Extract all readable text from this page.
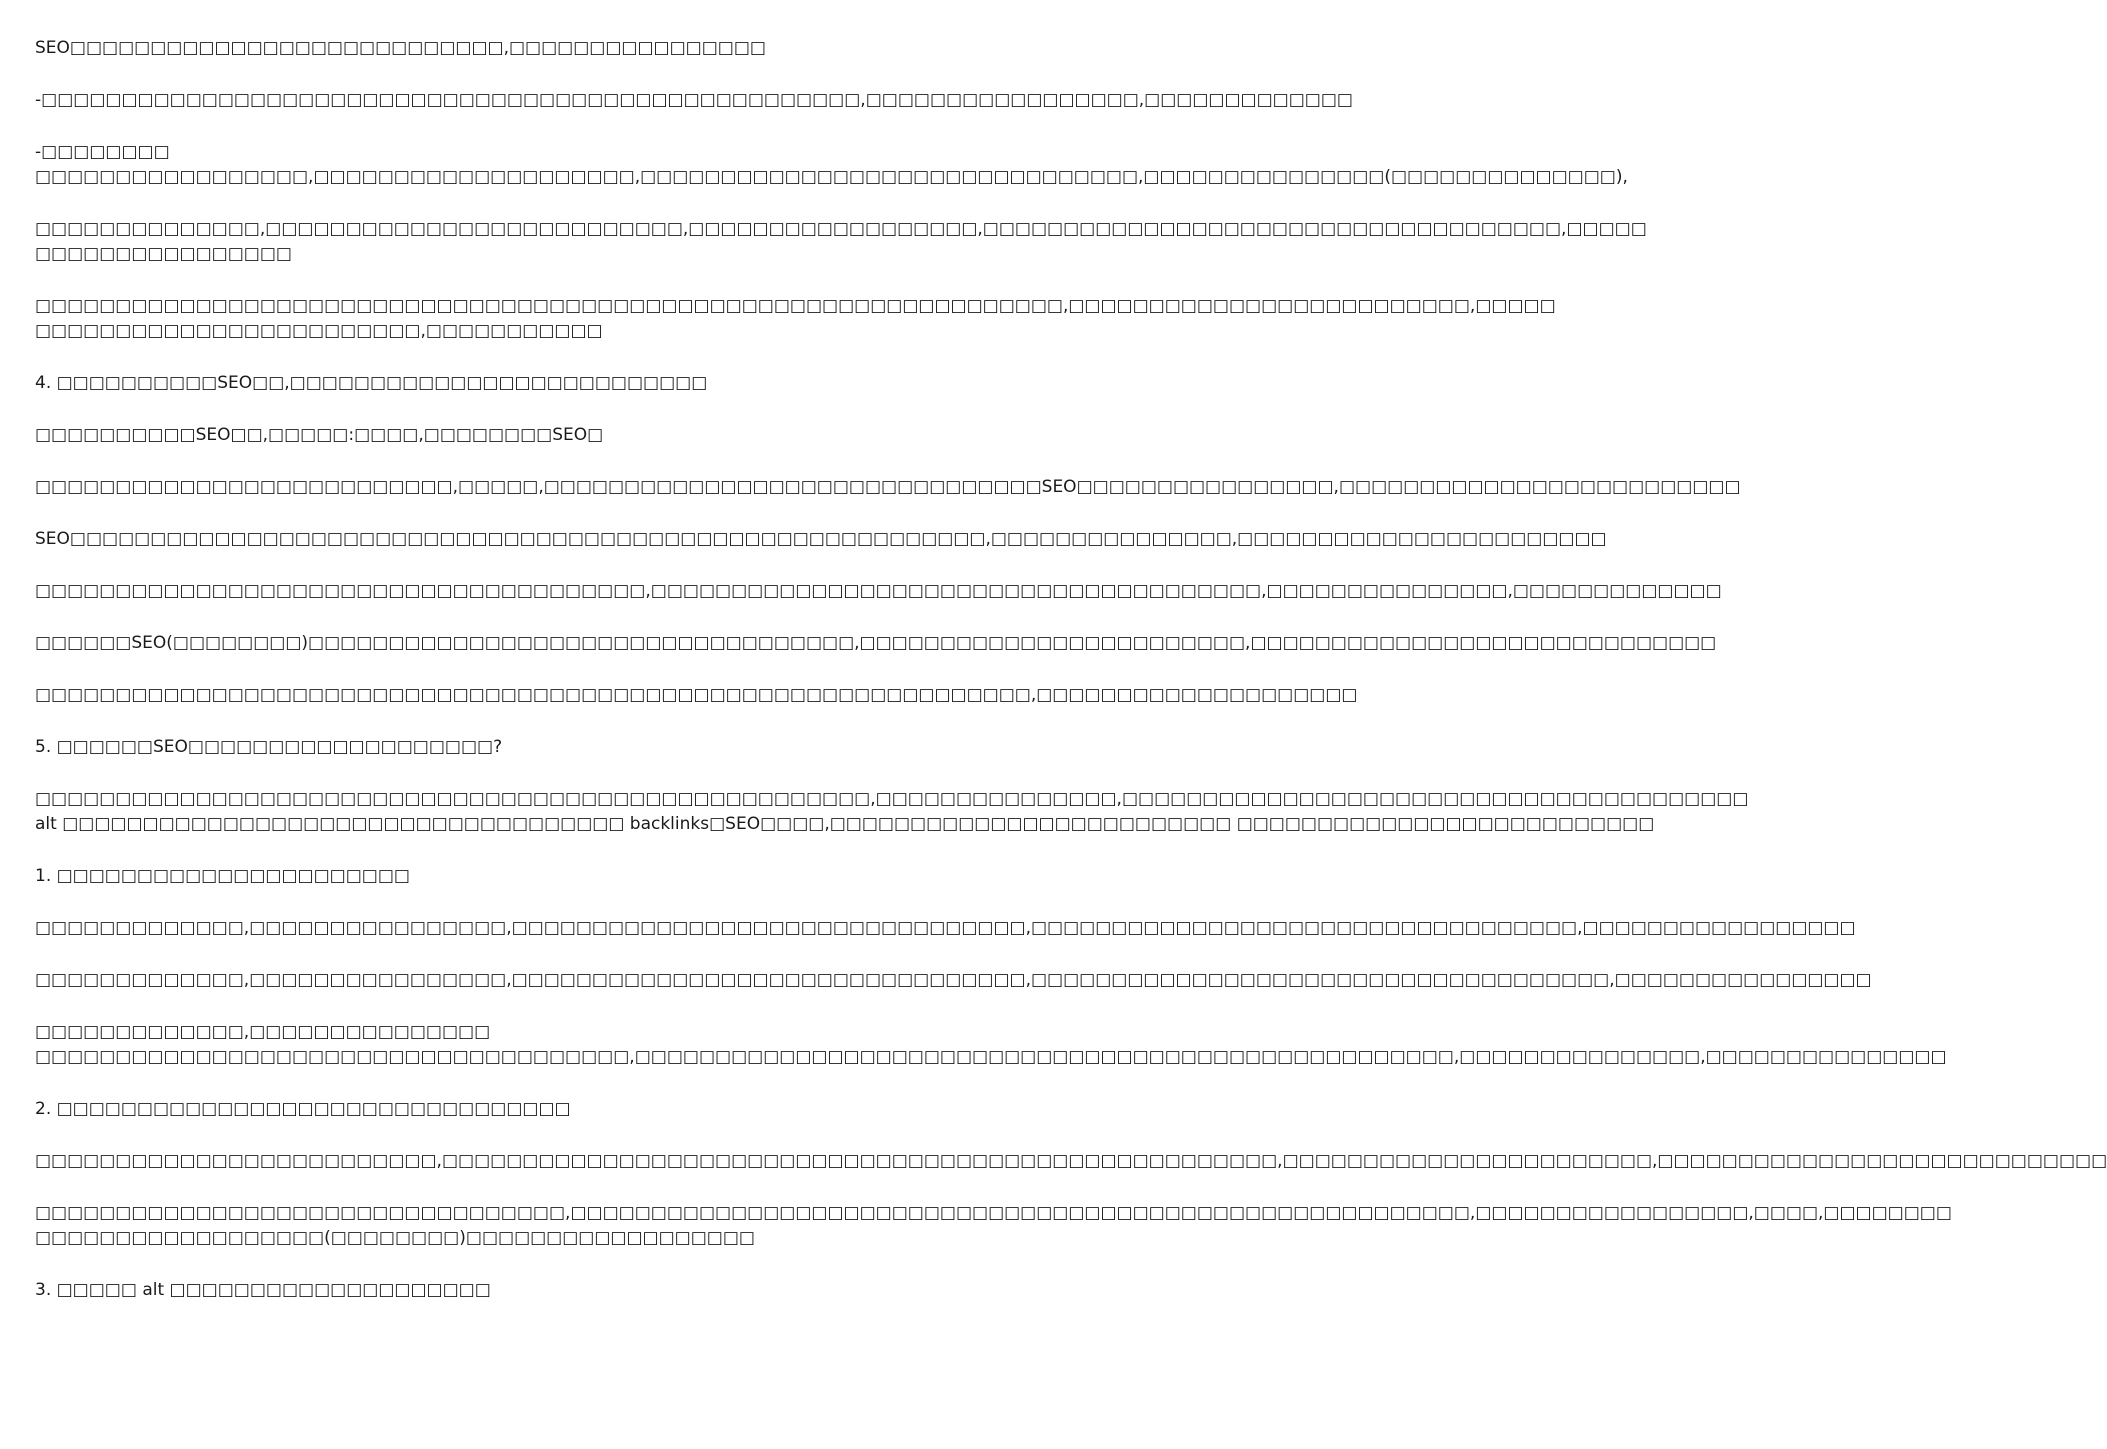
SEO□□□□□□□□□□□□□□□□□□□□□□□□□□□,□□□□□□□□□□□□□□□□
-□□□□□□□□□□□□□□□□□□□□□□□□□□□□□□□□□□□□□□□□□□□□□□□□□□□,□□□□□□□□□□□□□□□□□,□□□□□□□□□□□□□
-□□□□□□□□
□□□□□□□□□□□□□□□□□,□□□□□□□□□□□□□□□□□□□□,□□□□□□□□□□□□□□□□□□□□□□□□□□□□□□□,□□□□□□□□□□□□□□□(□□□□□□□□□□□□□□),
□□□□□□□□□□□□□□,□□□□□□□□□□□□□□□□□□□□□□□□□□,□□□□□□□□□□□□□□□□□□,□□□□□□□□□□□□□□□□□□□□□□□□□□□□□□□□□□□□,□□□□□
□□□□□□□□□□□□□□□□
□□□□□□□□□□□□□□□□□□□□□□□□□□□□□□□□□□□□□□□□□□□□□□□□□□□□□□□□□□□□□□□□,□□□□□□□□□□□□□□□□□□□□□□□□□,□□□□□
□□□□□□□□□□□□□□□□□□□□□□□□,□□□□□□□□□□□
4. □□□□□□□□□□SEO□□,□□□□□□□□□□□□□□□□□□□□□□□□□□
□□□□□□□□□□SEO□□,□□□□□:□□□□,□□□□□□□□SEO□
□□□□□□□□□□□□□□□□□□□□□□□□□□,□□□□□,□□□□□□□□□□□□□□□□□□□□□□□□□□□□□□□SEO□□□□□□□□□□□□□□□□,□□□□□□□□□□□□□□□□□□□□□□□□□
SEO□□□□□□□□□□□□□□□□□□□□□□□□□□□□□□□□□□□□□□□□□□□□□□□□□□□□□□□□□,□□□□□□□□□□□□□□□,□□□□□□□□□□□□□□□□□□□□□□□
□□□□□□□□□□□□□□□□□□□□□□□□□□□□□□□□□□□□□□,□□□□□□□□□□□□□□□□□□□□□□□□□□□□□□□□□□□□□□,□□□□□□□□□□□□□□□,□□□□□□□□□□□□□
□□□□□□SEO(□□□□□□□□)□□□□□□□□□□□□□□□□□□□□□□□□□□□□□□□□□□,□□□□□□□□□□□□□□□□□□□□□□□□,□□□□□□□□□□□□□□□□□□□□□□□□□□□□□
□□□□□□□□□□□□□□□□□□□□□□□□□□□□□□□□□□□□□□□□□□□□□□□□□□□□□□□□□□□□□□,□□□□□□□□□□□□□□□□□□□□
5. □□□□□□SEO□□□□□□□□□□□□□□□□□□□?
□□□□□□□□□□□□□□□□□□□□□□□□□□□□□□□□□□□□□□□□□□□□□□□□□□□□,□□□□□□□□□□□□□□□,□□□□□□□□□□□□□□□□□□□□□□□□□□□□□□□□□□□□□□□
alt □□□□□□□□□□□□□□□□□□□□□□□□□□□□□□□□□□□ backlinks□SEO□□□□,□□□□□□□□□□□□□□□□□□□□□□□□□ □□□□□□□□□□□□□□□□□□□□□□□□□□
1. □□□□□□□□□□□□□□□□□□□□□□
□□□□□□□□□□□□□,□□□□□□□□□□□□□□□□,□□□□□□□□□□□□□□□□□□□□□□□□□□□□□□□□,□□□□□□□□□□□□□□□□□□□□□□□□□□□□□□□□□□,□□□□□□□□□□□□□□□□□
□□□□□□□□□□□□□,□□□□□□□□□□□□□□□□,□□□□□□□□□□□□□□□□□□□□□□□□□□□□□□□□,□□□□□□□□□□□□□□□□□□□□□□□□□□□□□□□□□□□□,□□□□□□□□□□□□□□□□
□□□□□□□□□□□□□,□□□□□□□□□□□□□□□
□□□□□□□□□□□□□□□□□□□□□□□□□□□□□□□□□□□□□,□□□□□□□□□□□□□□□□□□□□□□□□□□□□□□□□□□□□□□□□□□□□□□□□□□□,□□□□□□□□□□□□□□□,□□□□□□□□□□□□□□□
2. □□□□□□□□□□□□□□□□□□□□□□□□□□□□□□□□
□□□□□□□□□□□□□□□□□□□□□□□□□,□□□□□□□□□□□□□□□□□□□□□□□□□□□□□□□□□□□□□□□□□□□□□□□□□□□□,□□□□□□□□□□□□□□□□□□□□□□□,□□□□□□□□□□□□□□□□□□□□□□□□□□□□
□□□□□□□□□□□□□□□□□□□□□□□□□□□□□□□□□,□□□□□□□□□□□□□□□□□□□□□□□□□□□□□□□□□□□□□□□□□□□□□□□□□□□□□□□□,□□□□□□□□□□□□□□□□□,□□□□,□□□□□□□□
□□□□□□□□□□□□□□□□□□(□□□□□□□□)□□□□□□□□□□□□□□□□□□
3. □□□□□ alt □□□□□□□□□□□□□□□□□□□□
